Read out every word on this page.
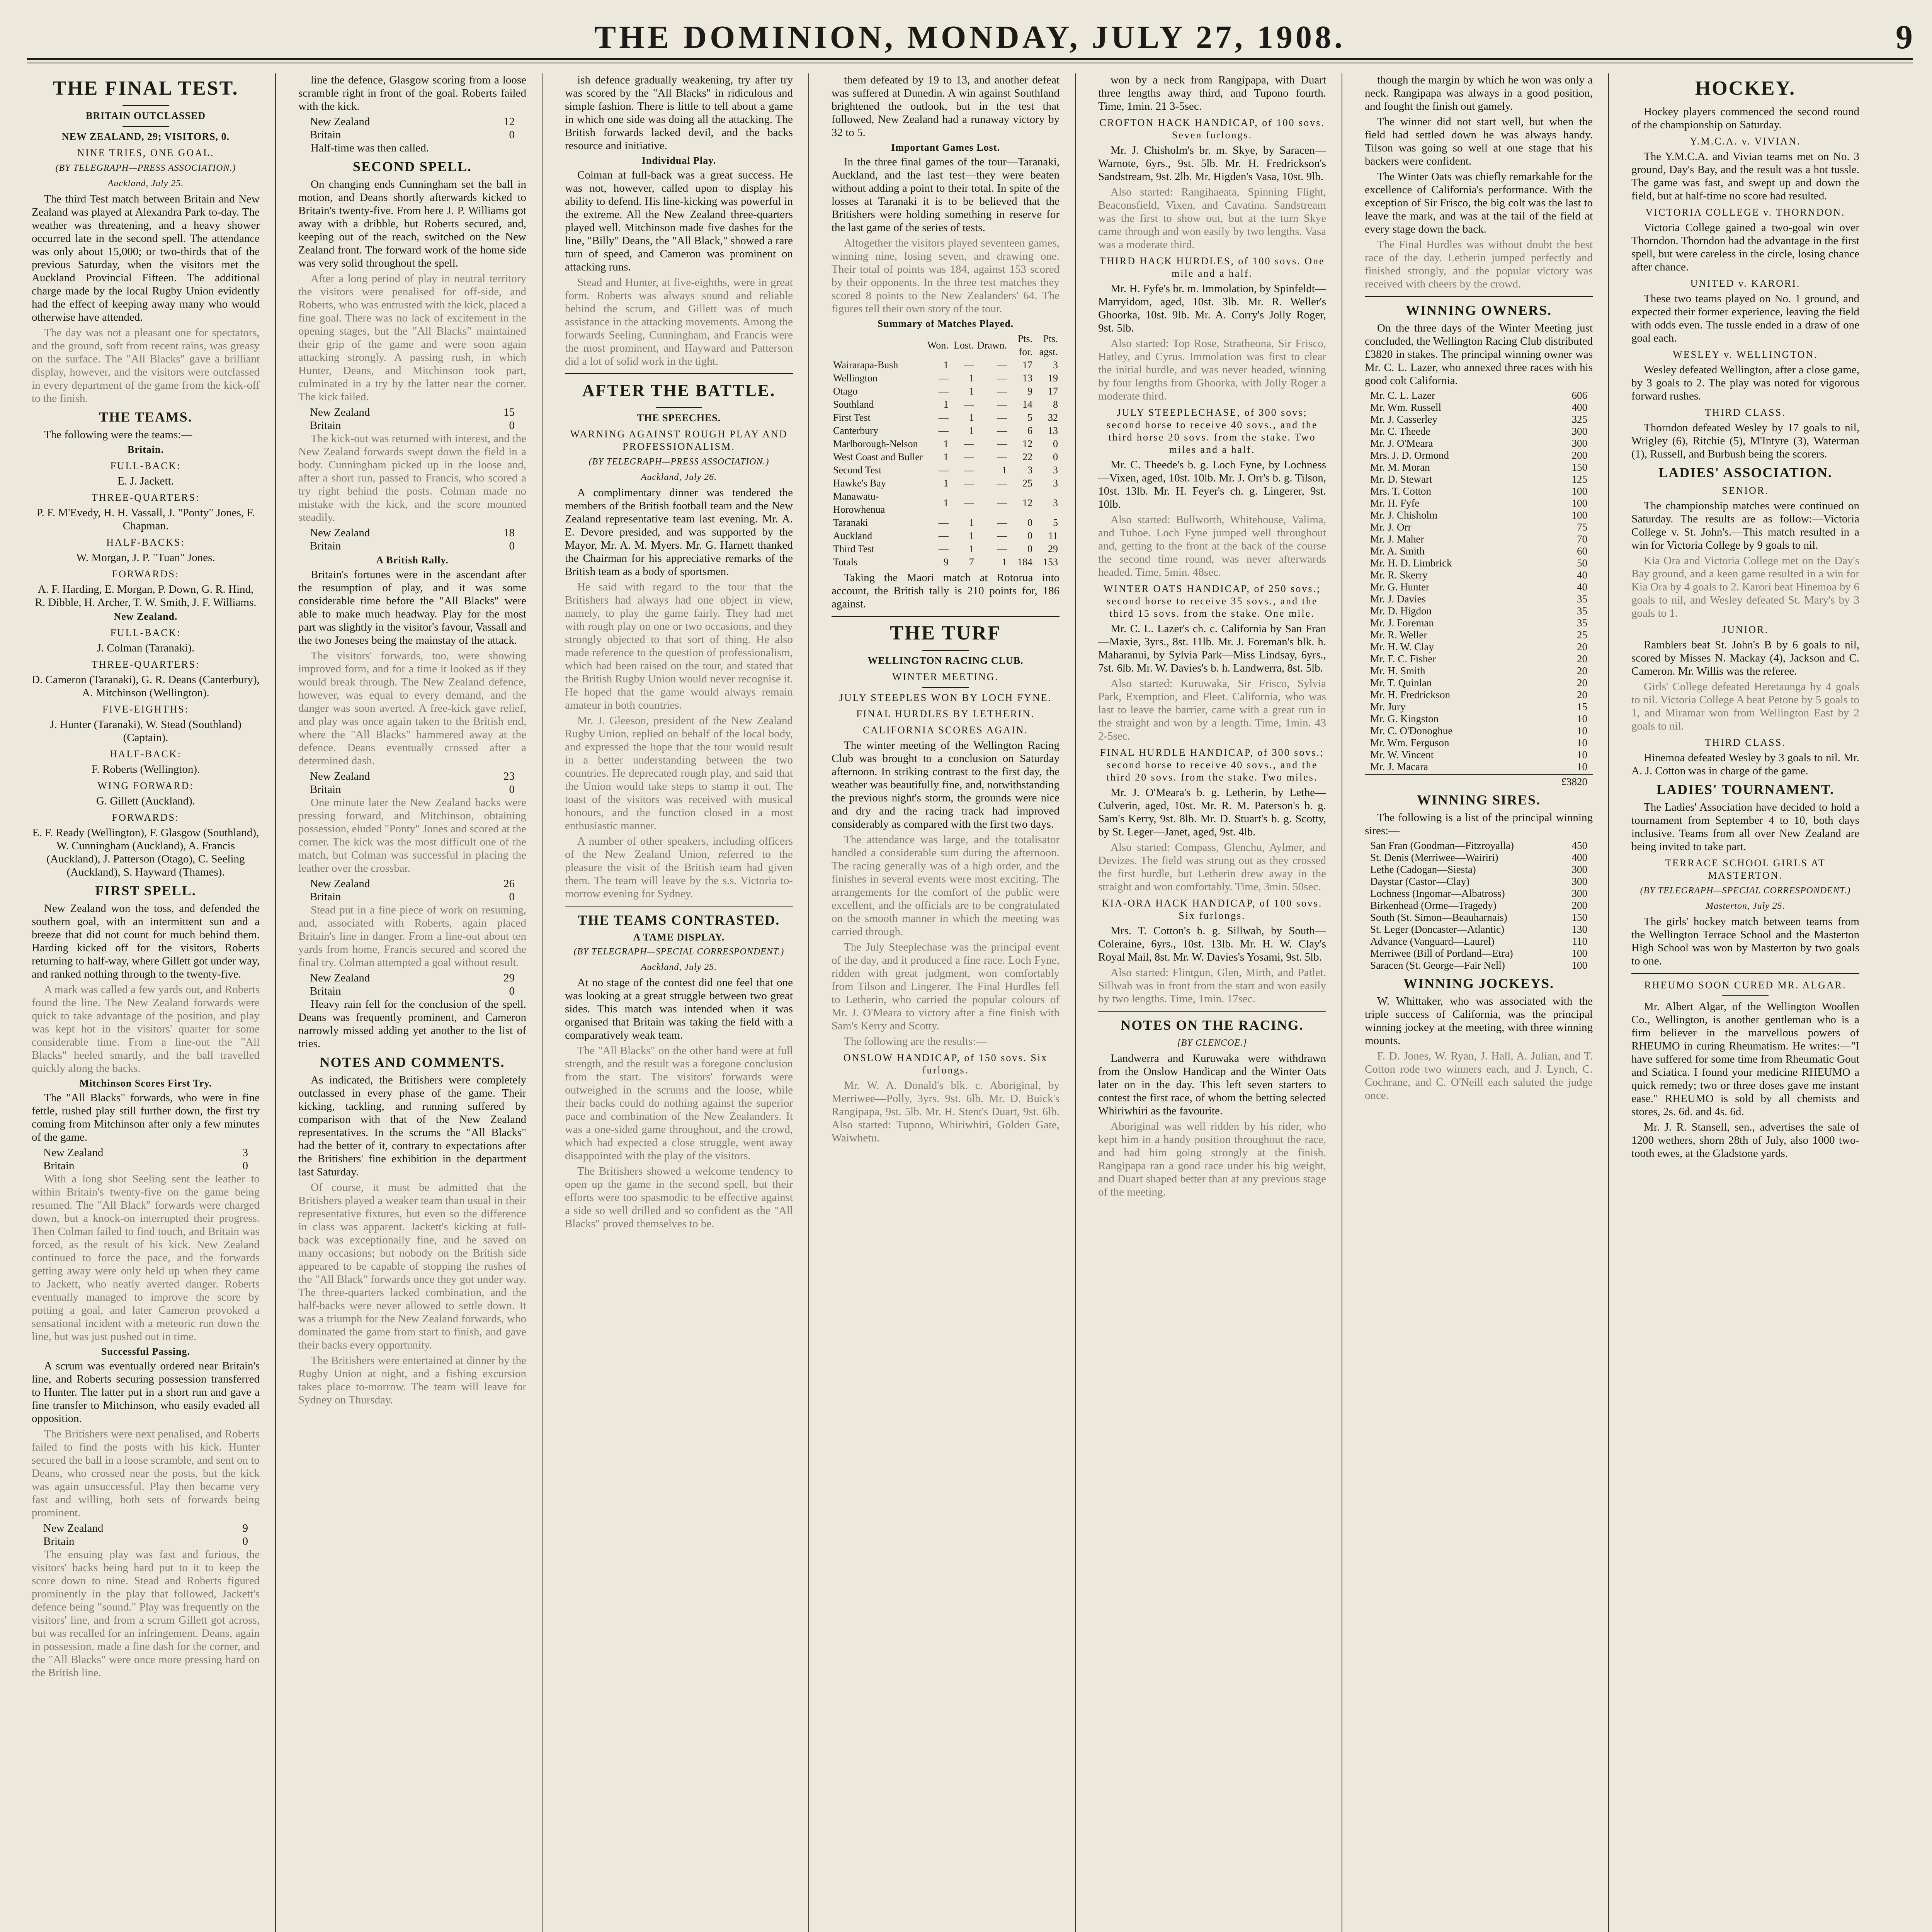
THE DOMINION, MONDAY, JULY 27, 1908.	9
THE FINAL TEST.
BRITAIN OUTCLASSED
NEW ZEALAND, 29; VISITORS, 0.
NINE TRIES, ONE GOAL.
(BY TELEGRAPH—PRESS ASSOCIATION.)
Auckland, July 25.

The third Test match between Britain and New Zealand was played at Alexandra Park to-day. The weather was threatening, and a heavy shower occurred late in the second spell. The attendance was only about 15,000; or two-thirds that of the previous Saturday, when the visitors met the Auckland Provincial Fifteen. The additional charge made by the local Rugby Union evidently had the effect of keeping away many who would otherwise have attended.

The day was not a pleasant one for spectators, and the ground, soft from recent rains, was greasy on the surface. The "All Blacks" gave a brilliant display, however, and the visitors were outclassed in every department of the game from the kick-off to the finish.

THE TEAMS.

The following were the teams:—

Britain.
FULL-BACK:
E. J. Jackett.
THREE-QUARTERS:
P. F. M'Evedy, H. H. Vassall, J. "Ponty" Jones, F. Chapman.
HALF-BACKS:
W. Morgan, J. P. "Tuan" Jones.
FORWARDS:
A. F. Harding, E. Morgan, P. Down, G. R. Hind, R. Dibble, H. Archer, T. W. Smith, J. F. Williams.
New Zealand.
FULL-BACK:
J. Colman (Taranaki).
THREE-QUARTERS:
D. Cameron (Taranaki), G. R. Deans (Canterbury), A. Mitchinson (Wellington).
FIVE-EIGHTHS:
J. Hunter (Taranaki), W. Stead (Southland) (Captain).
HALF-BACK:
F. Roberts (Wellington).
WING FORWARD:
G. Gillett (Auckland).
FORWARDS:
E. F. Ready (Wellington), F. Glasgow (Southland), W. Cunningham (Auckland), A. Francis (Auckland), J. Patterson (Otago), C. Seeling (Auckland), S. Hayward (Thames).
FIRST SPELL.

New Zealand won the toss, and defended the southern goal, with an intermittent sun and a breeze that did not count for much behind them. Harding kicked off for the visitors, Roberts returning to half-way, where Gillett got under way, and ranked nothing through to the twenty-five.

A mark was called a few yards out, and Roberts found the line. The New Zealand forwards were quick to take advantage of the position, and play was kept hot in the visitors' quarter for some considerable time. From a line-out the "All Blacks" heeled smartly, and the ball travelled quickly along the backs.

Mitchinson Scores First Try.

The "All Blacks" forwards, who were in fine fettle, rushed play still further down, the first try coming from Mitchinson after only a few minutes of the game.

New Zealand	3
Britain	0

With a long shot Seeling sent the leather to within Britain's twenty-five on the game being resumed. The "All Black" forwards were charged down, but a knock-on interrupted their progress. Then Colman failed to find touch, and Britain was forced, as the result of his kick. New Zealand continued to force the pace, and the forwards getting away were only held up when they came to Jackett, who neatly averted danger. Roberts eventually managed to improve the score by potting a goal, and later Cameron provoked a sensational incident with a meteoric run down the line, but was just pushed out in time.

Successful Passing.

A scrum was eventually ordered near Britain's line, and Roberts securing possession transferred to Hunter. The latter put in a short run and gave a fine transfer to Mitchinson, who easily evaded all opposition.

The Britishers were next penalised, and Roberts failed to find the posts with his kick. Hunter secured the ball in a loose scramble, and sent on to Deans, who crossed near the posts, but the kick was again unsuccessful. Play then became very fast and willing, both sets of forwards being prominent.

New Zealand	9
Britain	0

The ensuing play was fast and furious, the visitors' backs being hard put to it to keep the score down to nine. Stead and Roberts figured prominently in the play that followed, Jackett's defence being "sound." Play was frequently on the visitors' line, and from a scrum Gillett got across, but was recalled for an infringement. Deans, again in possession, made a fine dash for the corner, and the "All Blacks" were once more pressing hard on the British line.

line the defence, Glasgow scoring from a loose scramble right in front of the goal. Roberts failed with the kick.

New Zealand	12
Britain	0

Half-time was then called.

SECOND SPELL.

On changing ends Cunningham set the ball in motion, and Deans shortly afterwards kicked to Britain's twenty-five. From here J. P. Williams got away with a dribble, but Roberts secured, and, keeping out of the reach, switched on the New Zealand front. The forward work of the home side was very solid throughout the spell.

After a long period of play in neutral territory the visitors were penalised for off-side, and Roberts, who was entrusted with the kick, placed a fine goal. There was no lack of excitement in the opening stages, but the "All Blacks" maintained their grip of the game and were soon again attacking strongly. A passing rush, in which Hunter, Deans, and Mitchinson took part, culminated in a try by the latter near the corner. The kick failed.

New Zealand	15
Britain	0

The kick-out was returned with interest, and the New Zealand forwards swept down the field in a body. Cunningham picked up in the loose and, after a short run, passed to Francis, who scored a try right behind the posts. Colman made no mistake with the kick, and the score mounted steadily.

New Zealand	18
Britain	0
A British Rally.

Britain's fortunes were in the ascendant after the resumption of play, and it was some considerable time before the "All Blacks" were able to make much headway. Play for the most part was slightly in the visitor's favour, Vassall and the two Joneses being the mainstay of the attack.

The visitors' forwards, too, were showing improved form, and for a time it looked as if they would break through. The New Zealand defence, however, was equal to every demand, and the danger was soon averted. A free-kick gave relief, and play was once again taken to the British end, where the "All Blacks" hammered away at the defence. Deans eventually crossed after a determined dash.

New Zealand	23
Britain	0

One minute later the New Zealand backs were pressing forward, and Mitchinson, obtaining possession, eluded "Ponty" Jones and scored at the corner. The kick was the most difficult one of the match, but Colman was successful in placing the leather over the crossbar.

New Zealand	26
Britain	0

Stead put in a fine piece of work on resuming, and, associated with Roberts, again placed Britain's line in danger. From a line-out about ten yards from home, Francis secured and scored the final try. Colman attempted a goal without result.

New Zealand	29
Britain	0

Heavy rain fell for the conclusion of the spell. Deans was frequently prominent, and Cameron narrowly missed adding yet another to the list of tries.

NOTES AND COMMENTS.

As indicated, the Britishers were completely outclassed in every phase of the game. Their kicking, tackling, and running suffered by comparison with that of the New Zealand representatives. In the scrums the "All Blacks" had the better of it, contrary to expectations after the Britishers' fine exhibition in the department last Saturday.

Of course, it must be admitted that the Britishers played a weaker team than usual in their representative fixtures, but even so the difference in class was apparent. Jackett's kicking at full-back was exceptionally fine, and he saved on many occasions; but nobody on the British side appeared to be capable of stopping the rushes of the "All Black" forwards once they got under way. The three-quarters lacked combination, and the half-backs were never allowed to settle down. It was a triumph for the New Zealand forwards, who dominated the game from start to finish, and gave their backs every opportunity.

The Britishers were entertained at dinner by the Rugby Union at night, and a fishing excursion takes place to-morrow. The team will leave for Sydney on Thursday.

ish defence gradually weakening, try after try was scored by the "All Blacks" in ridiculous and simple fashion. There is little to tell about a game in which one side was doing all the attacking. The British forwards lacked devil, and the backs resource and initiative.

Individual Play.

Colman at full-back was a great success. He was not, however, called upon to display his ability to defend. His line-kicking was powerful in the extreme. All the New Zealand three-quarters played well. Mitchinson made five dashes for the line, "Billy" Deans, the "All Black," showed a rare turn of speed, and Cameron was prominent on attacking runs.

Stead and Hunter, at five-eighths, were in great form. Roberts was always sound and reliable behind the scrum, and Gillett was of much assistance in the attacking movements. Among the forwards Seeling, Cunningham, and Francis were the most prominent, and Hayward and Patterson did a lot of solid work in the tight.

AFTER THE BATTLE.
THE SPEECHES.
WARNING AGAINST ROUGH PLAY AND PROFESSIONALISM.
(BY TELEGRAPH—PRESS ASSOCIATION.)
Auckland, July 26.

A complimentary dinner was tendered the members of the British football team and the New Zealand representative team last evening. Mr. A. E. Devore presided, and was supported by the Mayor, Mr. A. M. Myers. Mr. G. Harnett thanked the Chairman for his appreciative remarks of the British team as a body of sportsmen.

He said with regard to the tour that the Britishers had always had one object in view, namely, to play the game fairly. They had met with rough play on one or two occasions, and they strongly objected to that sort of thing. He also made reference to the question of professionalism, which had been raised on the tour, and stated that the British Rugby Union would never recognise it. He hoped that the game would always remain amateur in both countries.

Mr. J. Gleeson, president of the New Zealand Rugby Union, replied on behalf of the local body, and expressed the hope that the tour would result in a better understanding between the two countries. He deprecated rough play, and said that the Union would take steps to stamp it out. The toast of the visitors was received with musical honours, and the function closed in a most enthusiastic manner.

A number of other speakers, including officers of the New Zealand Union, referred to the pleasure the visit of the British team had given them. The team will leave by the s.s. Victoria to-morrow evening for Sydney.

THE TEAMS CONTRASTED.
A TAME DISPLAY.
(BY TELEGRAPH—SPECIAL CORRESPONDENT.)
Auckland, July 25.

At no stage of the contest did one feel that one was looking at a great struggle between two great sides. This match was intended when it was organised that Britain was taking the field with a comparatively weak team.

The "All Blacks" on the other hand were at full strength, and the result was a foregone conclusion from the start. The visitors' forwards were outweighed in the scrums and the loose, while their backs could do nothing against the superior pace and combination of the New Zealanders. It was a one-sided game throughout, and the crowd, which had expected a close struggle, went away disappointed with the play of the visitors.

The Britishers showed a welcome tendency to open up the game in the second spell, but their efforts were too spasmodic to be effective against a side so well drilled and so confident as the "All Blacks" proved themselves to be.

them defeated by 19 to 13, and another defeat was suffered at Dunedin. A win against Southland brightened the outlook, but in the test that followed, New Zealand had a runaway victory by 32 to 5.

Important Games Lost.

In the three final games of the tour—Taranaki, Auckland, and the last test—they were beaten without adding a point to their total. In spite of the losses at Taranaki it is to be believed that the Britishers were holding something in reserve for the last game of the series of tests.

Altogether the visitors played seventeen games, winning nine, losing seven, and drawing one. Their total of points was 184, against 153 scored by their opponents. In the three test matches they scored 8 points to the New Zealanders' 64. The figures tell their own story of the tour.

Summary of Matches Played.
	Won.	Lost.	Drawn.	Pts. for.	Pts. agst.
Wairarapa-Bush	1	—	—	17	3
Wellington	—	1	—	13	19
Otago	—	1	—	9	17
Southland	1	—	—	14	8
First Test	—	1	—	5	32
Canterbury	—	1	—	6	13
Marlborough-Nelson	1	—	—	12	0
West Coast and Buller	1	—	—	22	0
Second Test	—	—	1	3	3
Hawke's Bay	1	—	—	25	3
Manawatu-Horowhenua	1	—	—	12	3
Taranaki	—	1	—	0	5
Auckland	—	1	—	0	11
Third Test	—	1	—	0	29
Totals	9	7	1	184	153

Taking the Maori match at Rotorua into account, the British tally is 210 points for, 186 against.

THE TURF
WELLINGTON RACING CLUB.
WINTER MEETING.
JULY STEEPLES WON BY LOCH FYNE.
FINAL HURDLES BY LETHERIN.
CALIFORNIA SCORES AGAIN.

The winter meeting of the Wellington Racing Club was brought to a conclusion on Saturday afternoon. In striking contrast to the first day, the weather was beautifully fine, and, notwithstanding the previous night's storm, the grounds were nice and dry and the racing track had improved considerably as compared with the first two days.

The attendance was large, and the totalisator handled a considerable sum during the afternoon. The racing generally was of a high order, and the finishes in several events were most exciting. The arrangements for the comfort of the public were excellent, and the officials are to be congratulated on the smooth manner in which the meeting was carried through.

The July Steeplechase was the principal event of the day, and it produced a fine race. Loch Fyne, ridden with great judgment, won comfortably from Tilson and Lingerer. The Final Hurdles fell to Letherin, who carried the popular colours of Mr. J. O'Meara to victory after a fine finish with Sam's Kerry and Scotty.

The following are the results:—

ONSLOW HANDICAP, of 150 sovs. Six furlongs.

Mr. W. A. Donald's blk. c. Aboriginal, by Merriwee—Polly, 3yrs. 9st. 6lb. Mr. D. Buick's Rangipapa, 9st. 5lb. Mr. H. Stent's Duart, 9st. 6lb. Also started: Tupono, Whiriwhiri, Golden Gate, Waiwhetu.

won by a neck from Rangipapa, with Duart three lengths away third, and Tupono fourth. Time, 1min. 21 3-5sec.

CROFTON HACK HANDICAP, of 100 sovs. Seven furlongs.

Mr. J. Chisholm's br. m. Skye, by Saracen—Warnote, 6yrs., 9st. 5lb. Mr. H. Fredrickson's Sandstream, 9st. 2lb. Mr. Higden's Vasa, 10st. 9lb.

Also started: Rangihaeata, Spinning Flight, Beaconsfield, Vixen, and Cavatina. Sandstream was the first to show out, but at the turn Skye came through and won easily by two lengths. Vasa was a moderate third.

THIRD HACK HURDLES, of 100 sovs. One mile and a half.

Mr. H. Fyfe's br. m. Immolation, by Spinfeldt—Marryidom, aged, 10st. 3lb. Mr. R. Weller's Ghoorka, 10st. 9lb. Mr. A. Corry's Jolly Roger, 9st. 5lb.

Also started: Top Rose, Stratheona, Sir Frisco, Hatley, and Cyrus. Immolation was first to clear the initial hurdle, and was never headed, winning by four lengths from Ghoorka, with Jolly Roger a moderate third.

JULY STEEPLECHASE, of 300 sovs; second horse to receive 40 sovs., and the third horse 20 sovs. from the stake. Two miles and a half.

Mr. C. Theede's b. g. Loch Fyne, by Lochness—Vixen, aged, 10st. 10lb. Mr. J. Orr's b. g. Tilson, 10st. 13lb. Mr. H. Feyer's ch. g. Lingerer, 9st. 10lb.

Also started: Bullworth, Whitehouse, Valima, and Tuhoe. Loch Fyne jumped well throughout and, getting to the front at the back of the course the second time round, was never afterwards headed. Time, 5min. 48sec.

WINTER OATS HANDICAP, of 250 sovs.; second horse to receive 35 sovs., and the third 15 sovs. from the stake. One mile.

Mr. C. L. Lazer's ch. c. California by San Fran—Maxie, 3yrs., 8st. 11lb. Mr. J. Foreman's blk. h. Maharanui, by Sylvia Park—Miss Lindsay, 6yrs., 7st. 6lb. Mr. W. Davies's b. h. Landwerra, 8st. 5lb.

Also started: Kuruwaka, Sir Frisco, Sylvia Park, Exemption, and Fleet. California, who was last to leave the barrier, came with a great run in the straight and won by a length. Time, 1min. 43 2-5sec.

FINAL HURDLE HANDICAP, of 300 sovs.; second horse to receive 40 sovs., and the third 20 sovs. from the stake. Two miles.

Mr. J. O'Meara's b. g. Letherin, by Lethe—Culverin, aged, 10st. Mr. R. M. Paterson's b. g. Sam's Kerry, 9st. 8lb. Mr. D. Stuart's b. g. Scotty, by St. Leger—Janet, aged, 9st. 4lb.

Also started: Compass, Glenchu, Aylmer, and Devizes. The field was strung out as they crossed the first hurdle, but Letherin drew away in the straight and won comfortably. Time, 3min. 50sec.

KIA-ORA HACK HANDICAP, of 100 sovs. Six furlongs.

Mrs. T. Cotton's b. g. Sillwah, by South—Coleraine, 6yrs., 10st. 13lb. Mr. H. W. Clay's Royal Mail, 8st. Mr. W. Davies's Yosami, 9st. 5lb.

Also started: Flintgun, Glen, Mirth, and Patlet. Sillwah was in front from the start and won easily by two lengths. Time, 1min. 17sec.

NOTES ON THE RACING.
[BY GLENCOE.]

Landwerra and Kuruwaka were withdrawn from the Onslow Handicap and the Winter Oats later on in the day. This left seven starters to contest the first race, of whom the betting selected Whiriwhiri as the favourite.

Aboriginal was well ridden by his rider, who kept him in a handy position throughout the race, and had him going strongly at the finish. Rangipapa ran a good race under his big weight, and Duart shaped better than at any previous stage of the meeting.

though the margin by which he won was only a neck. Rangipapa was always in a good position, and fought the finish out gamely.

The winner did not start well, but when the field had settled down he was always handy. Tilson was going so well at one stage that his backers were confident.

The Winter Oats was chiefly remarkable for the excellence of California's performance. With the exception of Sir Frisco, the big colt was the last to leave the mark, and was at the tail of the field at every stage down the back.

The Final Hurdles was without doubt the best race of the day. Letherin jumped perfectly and finished strongly, and the popular victory was received with cheers by the crowd.

WINNING OWNERS.

On the three days of the Winter Meeting just concluded, the Wellington Racing Club distributed £3820 in stakes. The principal winning owner was Mr. C. L. Lazer, who annexed three races with his good colt California.

Mr. C. L. Lazer	606
Mr. Wm. Russell	400
Mr. J. Casserley	325
Mr. C. Theede	300
Mr. J. O'Meara	300
Mrs. J. D. Ormond	200
Mr. M. Moran	150
Mr. D. Stewart	125
Mrs. T. Cotton	100
Mr. H. Fyfe	100
Mr. J. Chisholm	100
Mr. J. Orr	75
Mr. J. Maher	70
Mr. A. Smith	60
Mr. H. D. Limbrick	50
Mr. R. Skerry	40
Mr. G. Hunter	40
Mr. J. Davies	35
Mr. D. Higdon	35
Mr. J. Foreman	35
Mr. R. Weller	25
Mr. H. W. Clay	20
Mr. F. C. Fisher	20
Mr. H. Smith	20
Mr. T. Quinlan	20
Mr. H. Fredrickson	20
Mr. Jury	15
Mr. G. Kingston	10
Mr. C. O'Donoghue	10
Mr. Wm. Ferguson	10
Mr. W. Vincent	10
Mr. J. Macara	10
£3820
WINNING SIRES.

The following is a list of the principal winning sires:—

San Fran (Goodman—Fitzroyalla)	450
St. Denis (Merriwee—Wairiri)	400
Lethe (Cadogan—Siesta)	300
Daystar (Castor—Clay)	300
Lochness (Ingomar—Albatross)	300
Birkenhead (Orme—Tragedy)	200
South (St. Simon—Beauharnais)	150
St. Leger (Doncaster—Atlantic)	130
Advance (Vanguard—Laurel)	110
Merriwee (Bill of Portland—Etra)	100
Saracen (St. George—Fair Nell)	100
WINNING JOCKEYS.

W. Whittaker, who was associated with the triple success of California, was the principal winning jockey at the meeting, with three winning mounts.

F. D. Jones, W. Ryan, J. Hall, A. Julian, and T. Cotton rode two winners each, and J. Lynch, C. Cochrane, and C. O'Neill each saluted the judge once.

HOCKEY.

Hockey players commenced the second round of the championship on Saturday.

Y.M.C.A. v. VIVIAN.

The Y.M.C.A. and Vivian teams met on No. 3 ground, Day's Bay, and the result was a hot tussle. The game was fast, and swept up and down the field, but at half-time no score had resulted.

VICTORIA COLLEGE v. THORNDON.

Victoria College gained a two-goal win over Thorndon. Thorndon had the advantage in the first spell, but were careless in the circle, losing chance after chance.

UNITED v. KARORI.

These two teams played on No. 1 ground, and expected their former experience, leaving the field with odds even. The tussle ended in a draw of one goal each.

WESLEY v. WELLINGTON.

Wesley defeated Wellington, after a close game, by 3 goals to 2. The play was noted for vigorous forward rushes.

THIRD CLASS.

Thorndon defeated Wesley by 17 goals to nil, Wrigley (6), Ritchie (5), M'Intyre (3), Waterman (1), Russell, and Burbush being the scorers.

LADIES' ASSOCIATION.
SENIOR.

The championship matches were continued on Saturday. The results are as follow:—Victoria College v. St. John's.—This match resulted in a win for Victoria College by 9 goals to nil.

Kia Ora and Victoria College met on the Day's Bay ground, and a keen game resulted in a win for Kia Ora by 4 goals to 2. Karori beat Hinemoa by 6 goals to nil, and Wesley defeated St. Mary's by 3 goals to 1.

JUNIOR.

Ramblers beat St. John's B by 6 goals to nil, scored by Misses N. Mackay (4), Jackson and C. Cameron. Mr. Willis was the referee.

Girls' College defeated Heretaunga by 4 goals to nil. Victoria College A beat Petone by 5 goals to 1, and Miramar won from Wellington East by 2 goals to nil.

THIRD CLASS.

Hinemoa defeated Wesley by 3 goals to nil. Mr. A. J. Cotton was in charge of the game.

LADIES' TOURNAMENT.

The Ladies' Association have decided to hold a tournament from September 4 to 10, both days inclusive. Teams from all over New Zealand are being invited to take part.

TERRACE SCHOOL GIRLS AT MASTERTON.
(BY TELEGRAPH—SPECIAL CORRESPONDENT.)
Masterton, July 25.

The girls' hockey match between teams from the Wellington Terrace School and the Masterton High School was won by Masterton by two goals to one.

RHEUMO SOON CURED MR. ALGAR.

Mr. Albert Algar, of the Wellington Woollen Co., Wellington, is another gentleman who is a firm believer in the marvellous powers of RHEUMO in curing Rheumatism. He writes:—"I have suffered for some time from Rheumatic Gout and Sciatica. I found your medicine RHEUMO a quick remedy; two or three doses gave me instant ease." RHEUMO is sold by all chemists and stores, 2s. 6d. and 4s. 6d.

Mr. J. R. Stansell, sen., advertises the sale of 1200 wethers, shorn 28th of July, also 1000 two-tooth ewes, at the Gladstone yards.
